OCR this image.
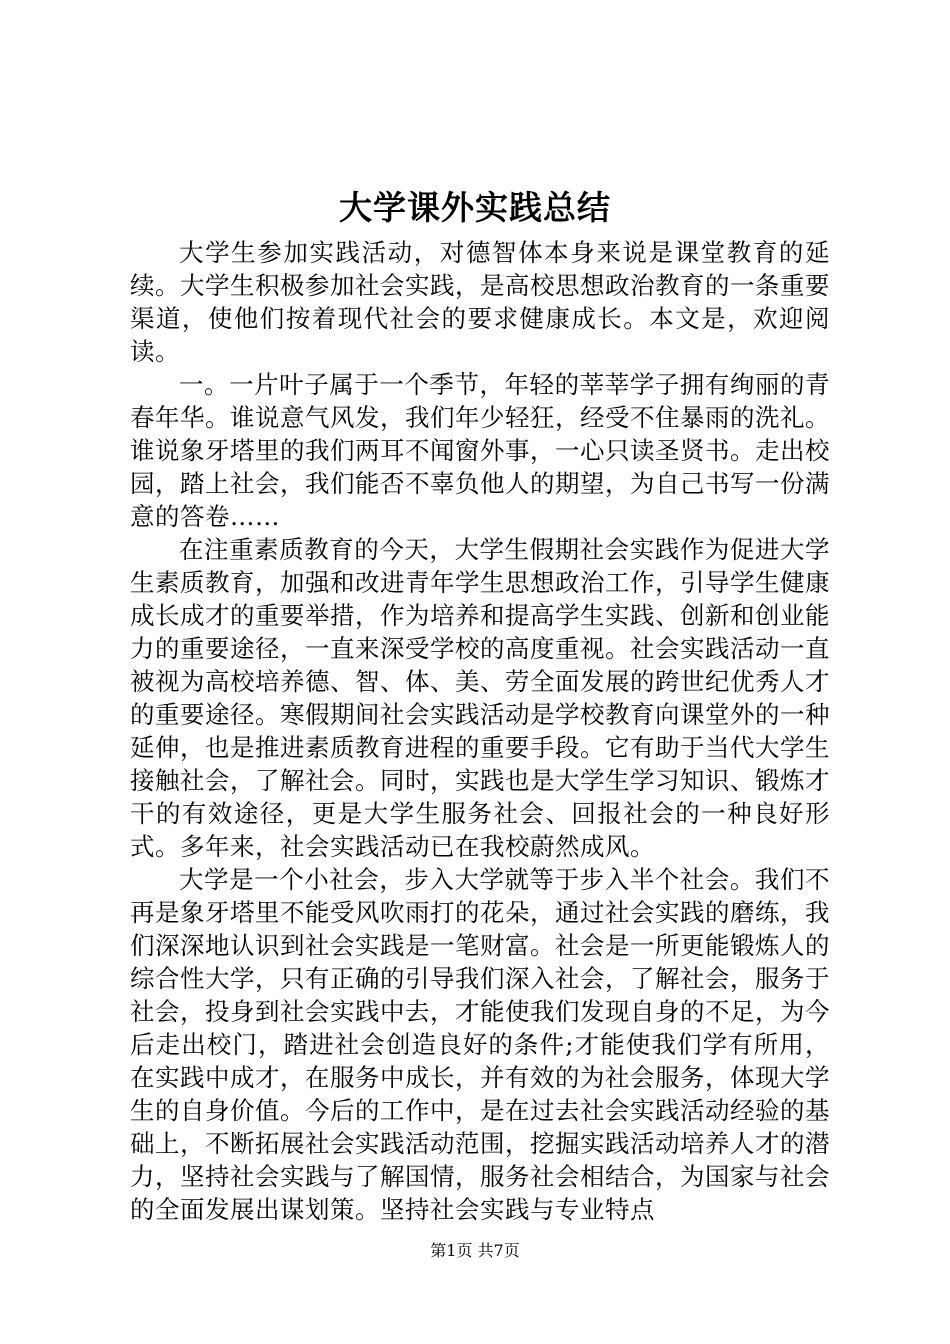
大学课外实践总结

大学生参加实践活动，对德智体本身来说是课堂教育的延续。大学生积极参加社会实践，是高校思想政治教育的一条重要渠道，使他们按着现代社会的要求健康成长。本文是，欢迎阅读。

一。一片叶子属于一个季节，年轻的莘莘学子拥有绚丽的青春年华。谁说意气风发，我们年少轻狂，经受不住暴雨的洗礼。谁说象牙塔里的我们两耳不闻窗外事，一心只读圣贤书。走出校园，踏上社会，我们能否不辜负他人的期望，为自己书写一份满意的答卷……

在注重素质教育的今天，大学生假期社会实践作为促进大学生素质教育，加强和改进青年学生思想政治工作，引导学生健康成长成才的重要举措，作为培养和提高学生实践、创新和创业能力的重要途径，一直来深受学校的高度重视。社会实践活动一直被视为高校培养德、智、体、美、劳全面发展的跨世纪优秀人才的重要途径。寒假期间社会实践活动是学校教育向课堂外的一种延伸，也是推进素质教育进程的重要手段。它有助于当代大学生接触社会，了解社会。同时，实践也是大学生学习知识、锻炼才干的有效途径，更是大学生服务社会、回报社会的一种良好形式。多年来，社会实践活动已在我校蔚然成风。

大学是一个小社会，步入大学就等于步入半个社会。我们不再是象牙塔里不能受风吹雨打的花朵，通过社会实践的磨练，我们深深地认识到社会实践是一笔财富。社会是一所更能锻炼人的综合性大学，只有正确的引导我们深入社会，了解社会，服务于社会，投身到社会实践中去，才能使我们发现自身的不足，为今后走出校门，踏进社会创造良好的条件;才能使我们学有所用，在实践中成才，在服务中成长，并有效的为社会服务，体现大学生的自身价值。今后的工作中，是在过去社会实践活动经验的基础上，不断拓展社会实践活动范围，挖掘实践活动培养人才的潜力，坚持社会实践与了解国情，服务社会相结合，为国家与社会的全面发展出谋划策。坚持社会实践与专业特点

第1页 共7页
